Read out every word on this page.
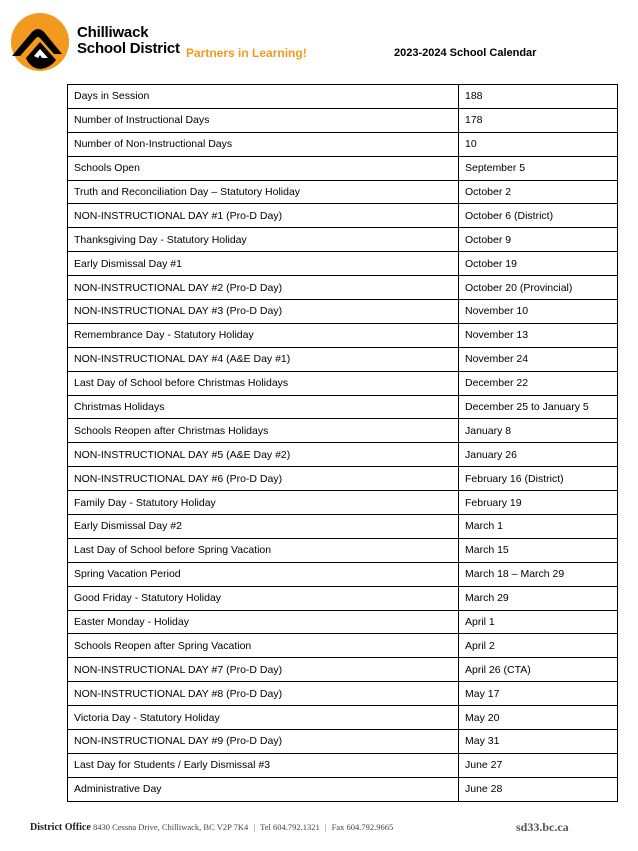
Chilliwack
School District Partners in Learning!	2023-2024 School Calendar
Days in Session	188
Number of Instructional Days	178
Number of Non-Instructional Days	10
Schools Open	September 5
Truth and Reconciliation Day – Statutory Holiday	October 2
NON-INSTRUCTIONAL DAY #1 (Pro-D Day)	October 6 (District)
Thanksgiving Day - Statutory Holiday	October 9
Early Dismissal Day #1	October 19
NON-INSTRUCTIONAL DAY #2 (Pro-D Day)	October 20 (Provincial)
NON-INSTRUCTIONAL DAY #3 (Pro-D Day)	November 10
Remembrance Day - Statutory Holiday	November 13
NON-INSTRUCTIONAL DAY #4 (A&E Day #1)	November 24
Last Day of School before Christmas Holidays	December 22
Christmas Holidays	December 25 to January 5
Schools Reopen after Christmas Holidays	January 8
NON-INSTRUCTIONAL DAY #5 (A&E Day #2)	January 26
NON-INSTRUCTIONAL DAY #6 (Pro-D Day)	February 16 (District)
Family Day - Statutory Holiday	February 19
Early Dismissal Day #2	March 1
Last Day of School before Spring Vacation	March 15
Spring Vacation Period	March 18 – March 29
Good Friday - Statutory Holiday	March 29
Easter Monday - Holiday	April 1
Schools Reopen after Spring Vacation	April 2
NON-INSTRUCTIONAL DAY #7 (Pro-D Day)	April 26 (CTA)
NON-INSTRUCTIONAL DAY #8 (Pro-D Day)	May 17
Victoria Day - Statutory Holiday	May 20
NON-INSTRUCTIONAL DAY #9 (Pro-D Day)	May 31
Last Day for Students / Early Dismissal #3	June 27
Administrative Day	June 28
District Office 8430 Cessna Drive, Chilliwack, BC V2P 7K4 | Tel 604.792.1321 | Fax 604.792.9665	sd33.bc.ca
